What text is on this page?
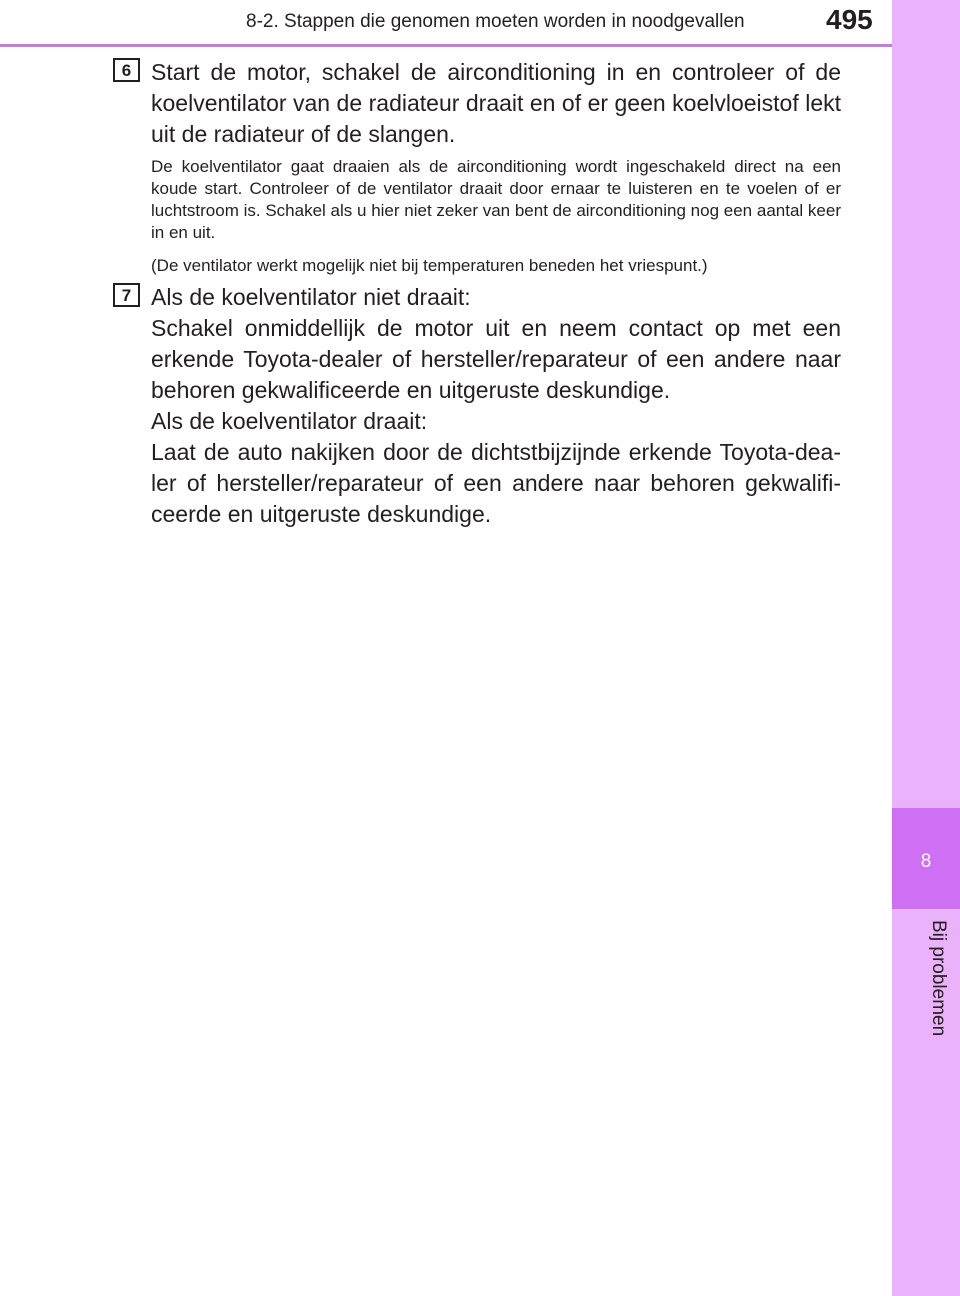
8-2. Stappen die genomen moeten worden in noodgevallen	495
8
Bij problemen
6 Start de motor, schakel de airconditioning in en controleer of de koelventilator van de radiateur draait en of er geen koelvloeistof lekt uit de radiateur of de slangen.

De koelventilator gaat draaien als de airconditioning wordt ingeschakeld direct na een koude start. Controleer of de ventilator draait door ernaar te luisteren en te voelen of er luchtstroom is. Schakel als u hier niet zeker van bent de airconditioning nog een aantal keer in en uit.

(De ventilator werkt mogelijk niet bij temperaturen beneden het vriespunt.)

7 Als de koelventilator niet draait:

Schakel onmiddellijk de motor uit en neem contact op met een erkende Toyota-dealer of hersteller/reparateur of een andere naar behoren gekwalificeerde en uitgeruste deskundige.

Als de koelventilator draait:

Laat de auto nakijken door de dichtstbijzijnde erkende Toyota-dea-ler of hersteller/reparateur of een andere naar behoren gekwalifi-ceerde en uitgeruste deskundige.
